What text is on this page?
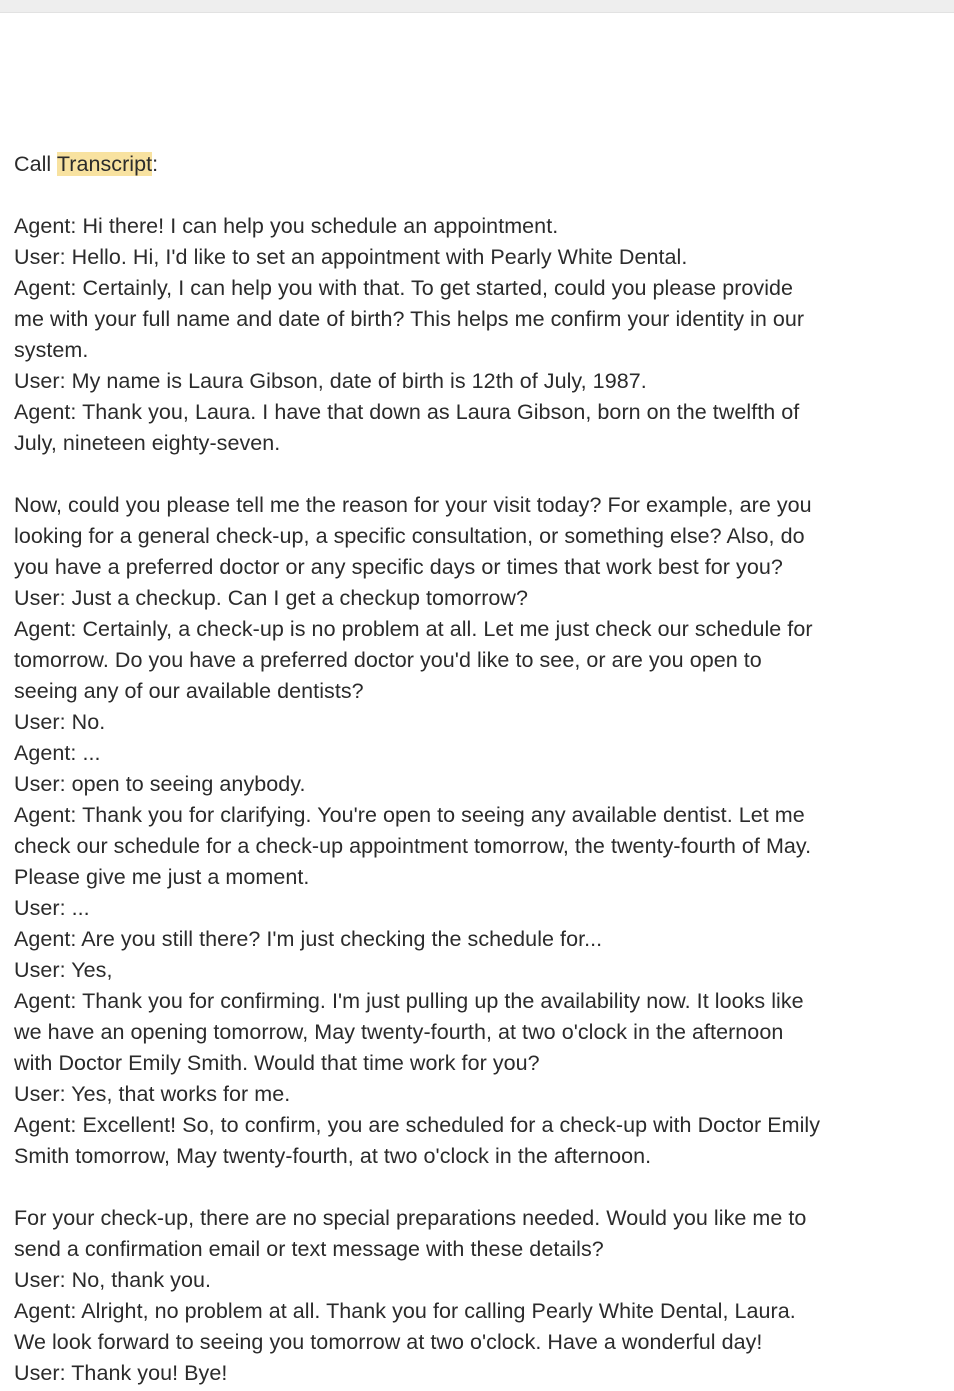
Call Transcript:
Agent: Hi there! I can help you schedule an appointment.
User: Hello. Hi, I'd like to set an appointment with Pearly White Dental.
Agent: Certainly, I can help you with that. To get started, could you please provide
me with your full name and date of birth? This helps me confirm your identity in our
system.
User: My name is Laura Gibson, date of birth is 12th of July, 1987.
Agent: Thank you, Laura. I have that down as Laura Gibson, born on the twelfth of
July, nineteen eighty-seven.
Now, could you please tell me the reason for your visit today? For example, are you
looking for a general check-up, a specific consultation, or something else? Also, do
you have a preferred doctor or any specific days or times that work best for you?
User: Just a checkup. Can I get a checkup tomorrow?
Agent: Certainly, a check-up is no problem at all. Let me just check our schedule for
tomorrow. Do you have a preferred doctor you'd like to see, or are you open to
seeing any of our available dentists?
User: No.
Agent: ...
User: open to seeing anybody.
Agent: Thank you for clarifying. You're open to seeing any available dentist. Let me
check our schedule for a check-up appointment tomorrow, the twenty-fourth of May.
Please give me just a moment.
User: ...
Agent: Are you still there? I'm just checking the schedule for...
User: Yes,
Agent: Thank you for confirming. I'm just pulling up the availability now. It looks like
we have an opening tomorrow, May twenty-fourth, at two o'clock in the afternoon
with Doctor Emily Smith. Would that time work for you?
User: Yes, that works for me.
Agent: Excellent! So, to confirm, you are scheduled for a check-up with Doctor Emily
Smith tomorrow, May twenty-fourth, at two o'clock in the afternoon.
For your check-up, there are no special preparations needed. Would you like me to
send a confirmation email or text message with these details?
User: No, thank you.
Agent: Alright, no problem at all. Thank you for calling Pearly White Dental, Laura.
We look forward to seeing you tomorrow at two o'clock. Have a wonderful day!
User: Thank you! Bye!
